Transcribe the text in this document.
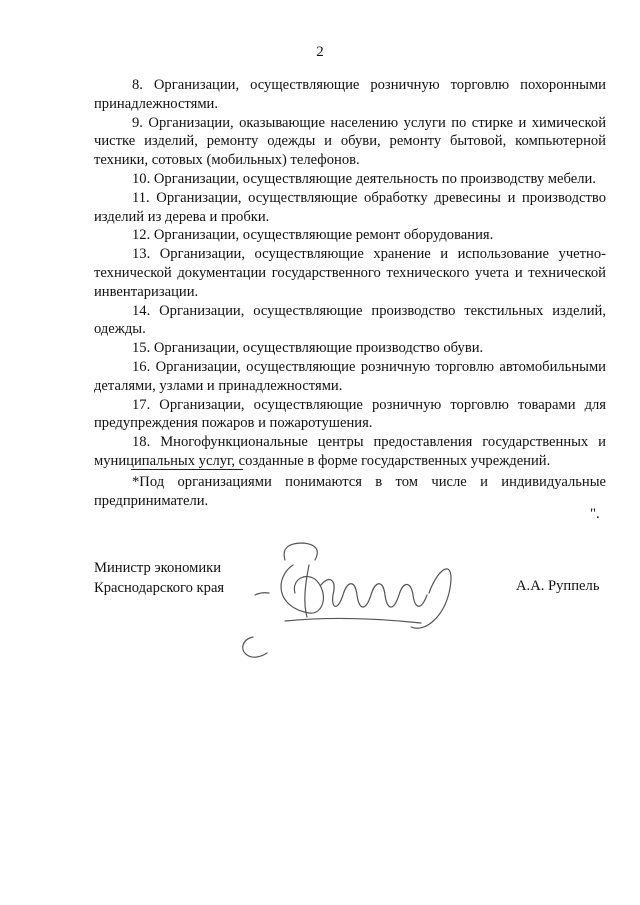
2

8. Организации, осуществляющие розничную торговлю похоронными принадлежностями.

9. Организации, оказывающие населению услуги по стирке и химической чистке изделий, ремонту одежды и обуви, ремонту бытовой, компьютерной техники, сотовых (мобильных) телефонов.

10. Организации, осуществляющие деятельность по производству мебели.

11. Организации, осуществляющие обработку древесины и производство изделий из дерева и пробки.

12. Организации, осуществляющие ремонт оборудования.

13. Организации, осуществляющие хранение и использование учетно-технической документации государственного технического учета и технической инвентаризации.

14. Организации, осуществляющие производство текстильных изделий, одежды.

15. Организации, осуществляющие производство обуви.

16. Организации, осуществляющие розничную торговлю автомобильными деталями, узлами и принадлежностями.

17. Организации, осуществляющие розничную торговлю товарами для предупреждения пожаров и пожаротушения.

18. Многофункциональные центры предоставления государственных и муниципальных услуг, созданные в форме государственных учреждений.

*Под организациями понимаются в том числе и индивидуальные предприниматели.

".
Министр экономики
Краснодарского края	А.А. Руппель
